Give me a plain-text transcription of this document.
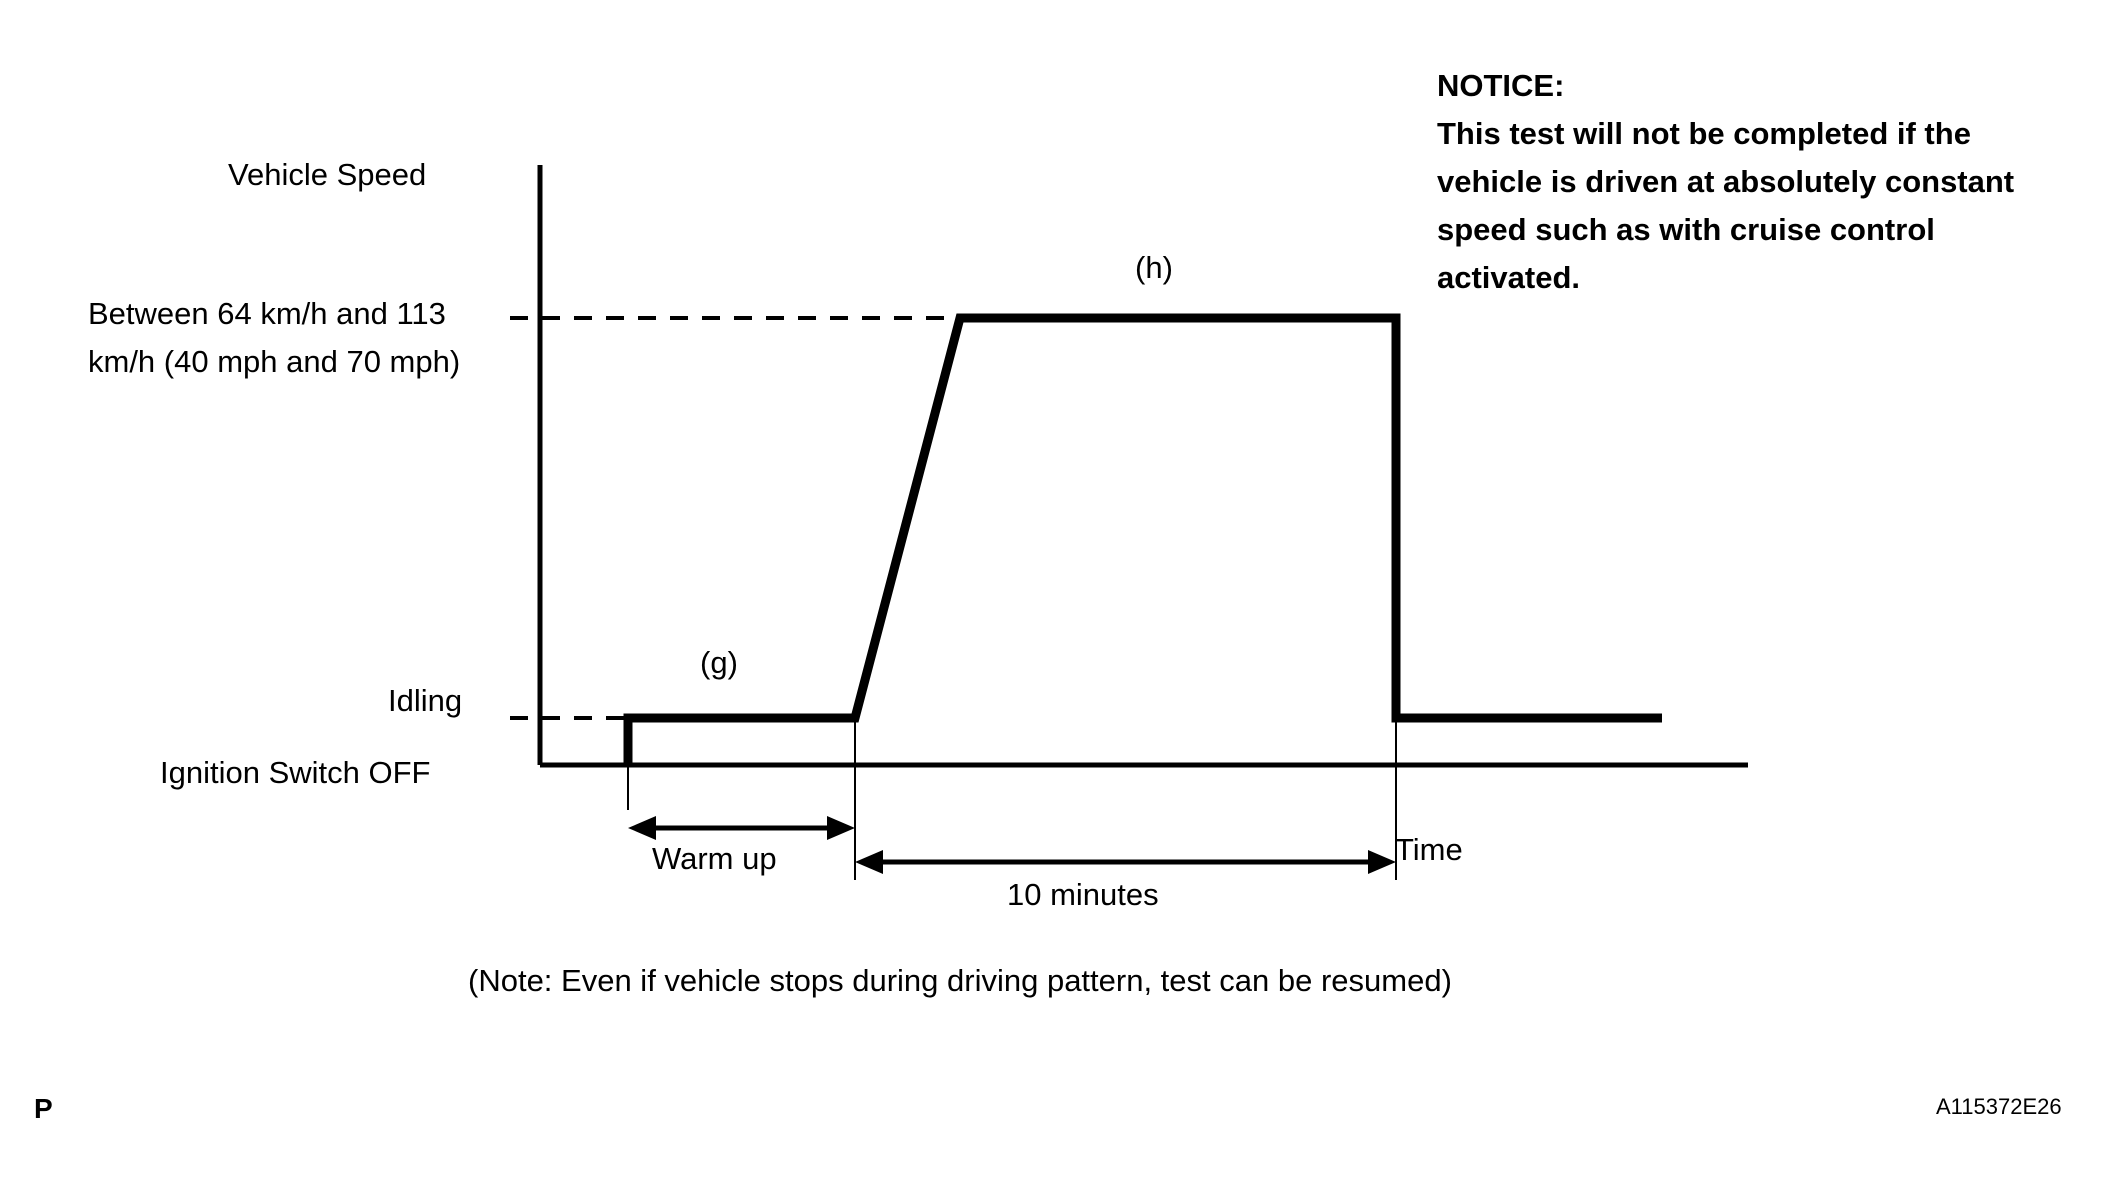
Vehicle Speed
Between 64 km/h and 113 km/h (40 mph and 70 mph)
Idling
Ignition Switch OFF
Time
Warm up
10 minutes
(g)
(h)
(Note: Even if vehicle stops during driving pattern, test can be resumed)
P	A115372E26
NOTICE:
This test will not be completed if the vehicle is driven at absolutely constant speed such as with cruise control activated.
